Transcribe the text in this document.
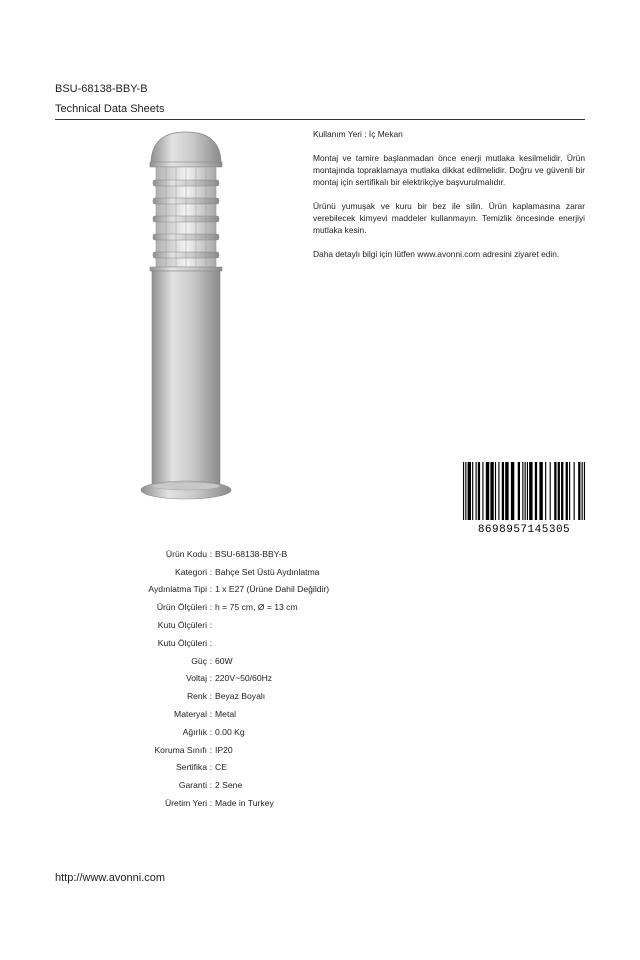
BSU-68138-BBY-B
Technical Data Sheets

Kullanım Yeri : İç Mekan

Montaj ve tamire başlanmadan önce enerji mutlaka kesilmelidir. Ürün montajında topraklamaya mutlaka dikkat edilmelidir. Doğru ve güvenli bir montaj için sertifikalı bir elektrikçiye başvurulmalıdır.

Ürünü yumuşak ve kuru bir bez ile silin. Ürün kaplamasına zarar verebilecek kimyevi maddeler kullanmayın. Temizlik öncesinde enerjiyi mutlaka kesin.

Daha detaylı bilgi için lütfen www.avonni.com adresini ziyaret edin.

8698957145305
Ürün Kodu : BSU-68138-BBY-B
Kategori : Bahçe Set Üstü Aydınlatma
Aydınlatma Tipi : 1 x E27 (Ürüne Dahil Değildir)
Ürün Ölçüleri : h = 75 cm, Ø = 13 cm
Kutu Ölçüleri :
Kutu Ölçüleri :
Güç : 60W
Voltaj : 220V~50/60Hz
Renk : Beyaz Boyalı
Materyal : Metal
Ağırlık : 0.00 Kg
Koruma Sınıfı : IP20
Sertifika : CE
Garanti : 2 Sene
Üretim Yeri : Made in Turkey
http://www.avonni.com
